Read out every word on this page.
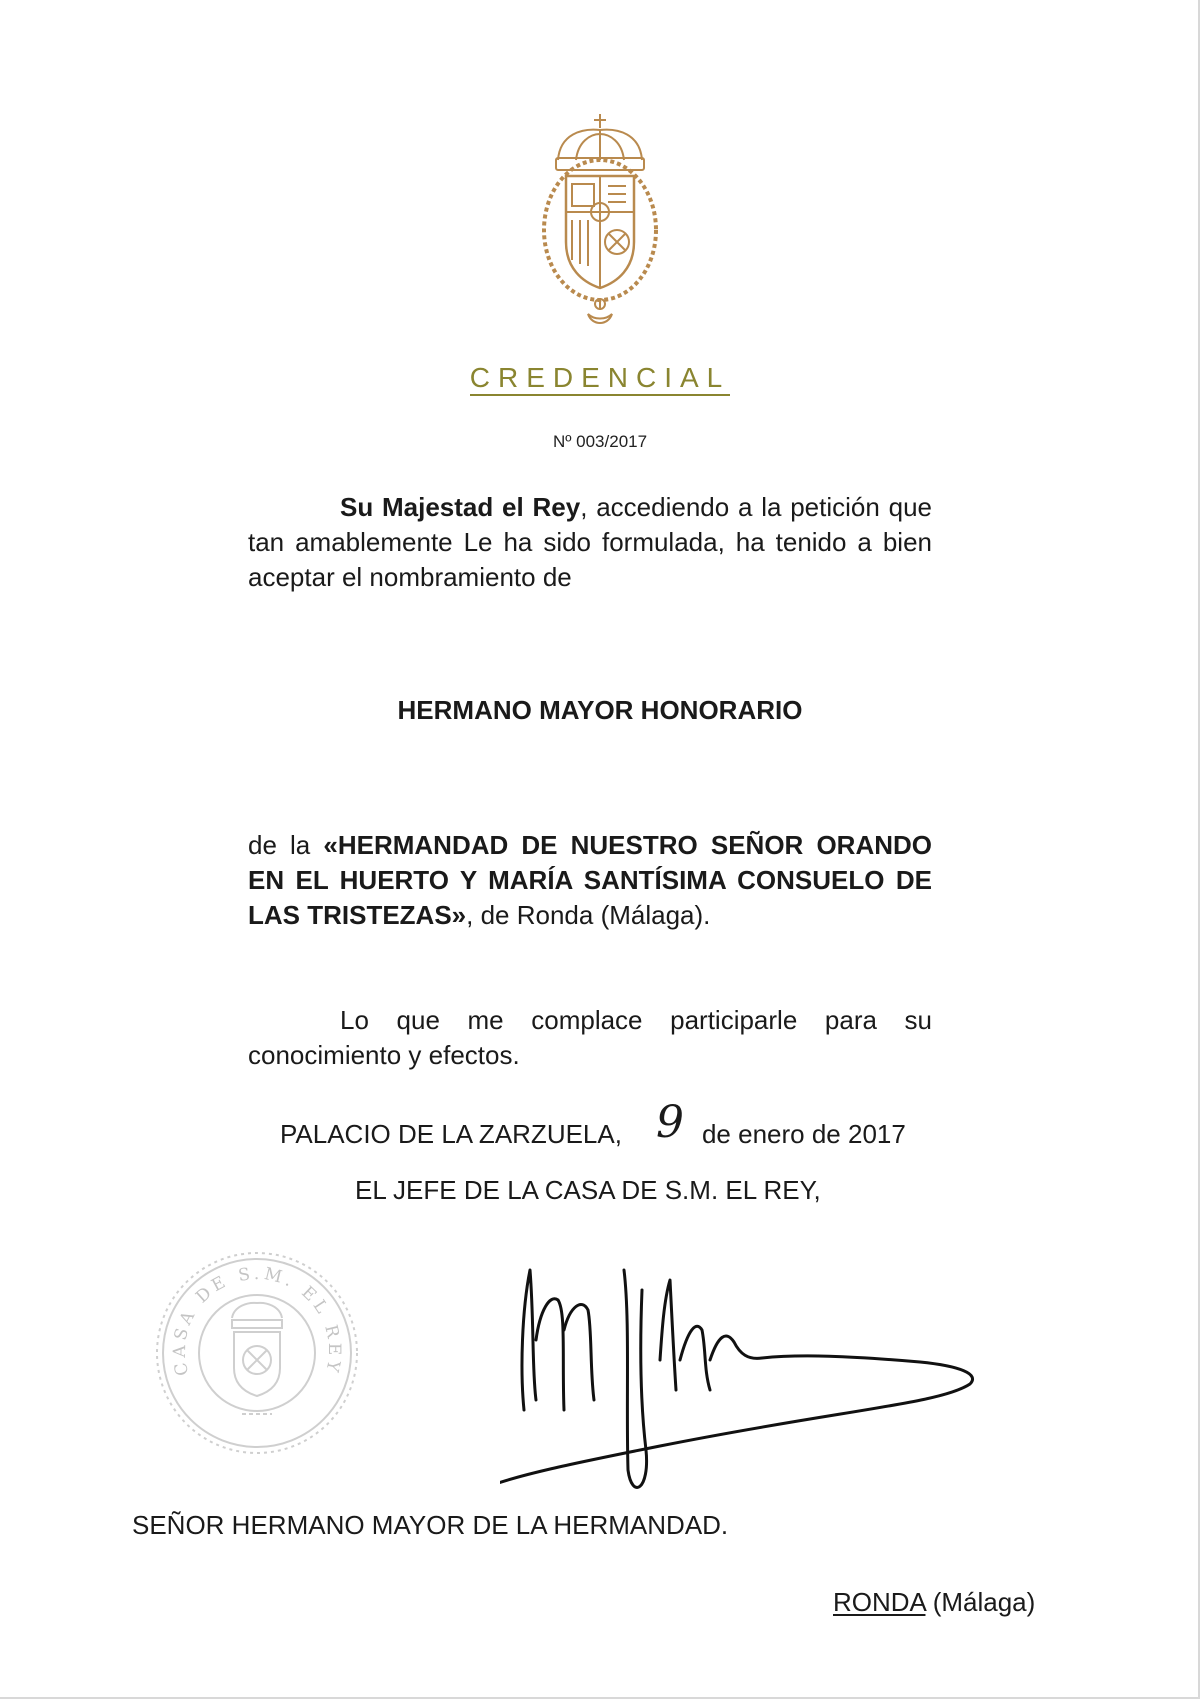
CREDENCIAL
Nº 003/2017
Su Majestad el Rey, accediendo a la petición que tan amablemente Le ha sido formulada, ha tenido a bien aceptar el nombramiento de
HERMANO MAYOR HONORARIO
de la «HERMANDAD DE NUESTRO SEÑOR ORANDO EN EL HUERTO Y MARÍA SANTÍSIMA CONSUELO DE LAS TRISTEZAS», de Ronda (Málaga).
Lo que me complace participarle para su conocimiento y efectos.
PALACIO DE LA ZARZUELA, 9 de enero de 2017
EL JEFE DE LA CASA DE S.M. EL REY,
CASA DE S.M. EL REY
SEÑOR HERMANO MAYOR DE LA HERMANDAD.
RONDA (Málaga)
